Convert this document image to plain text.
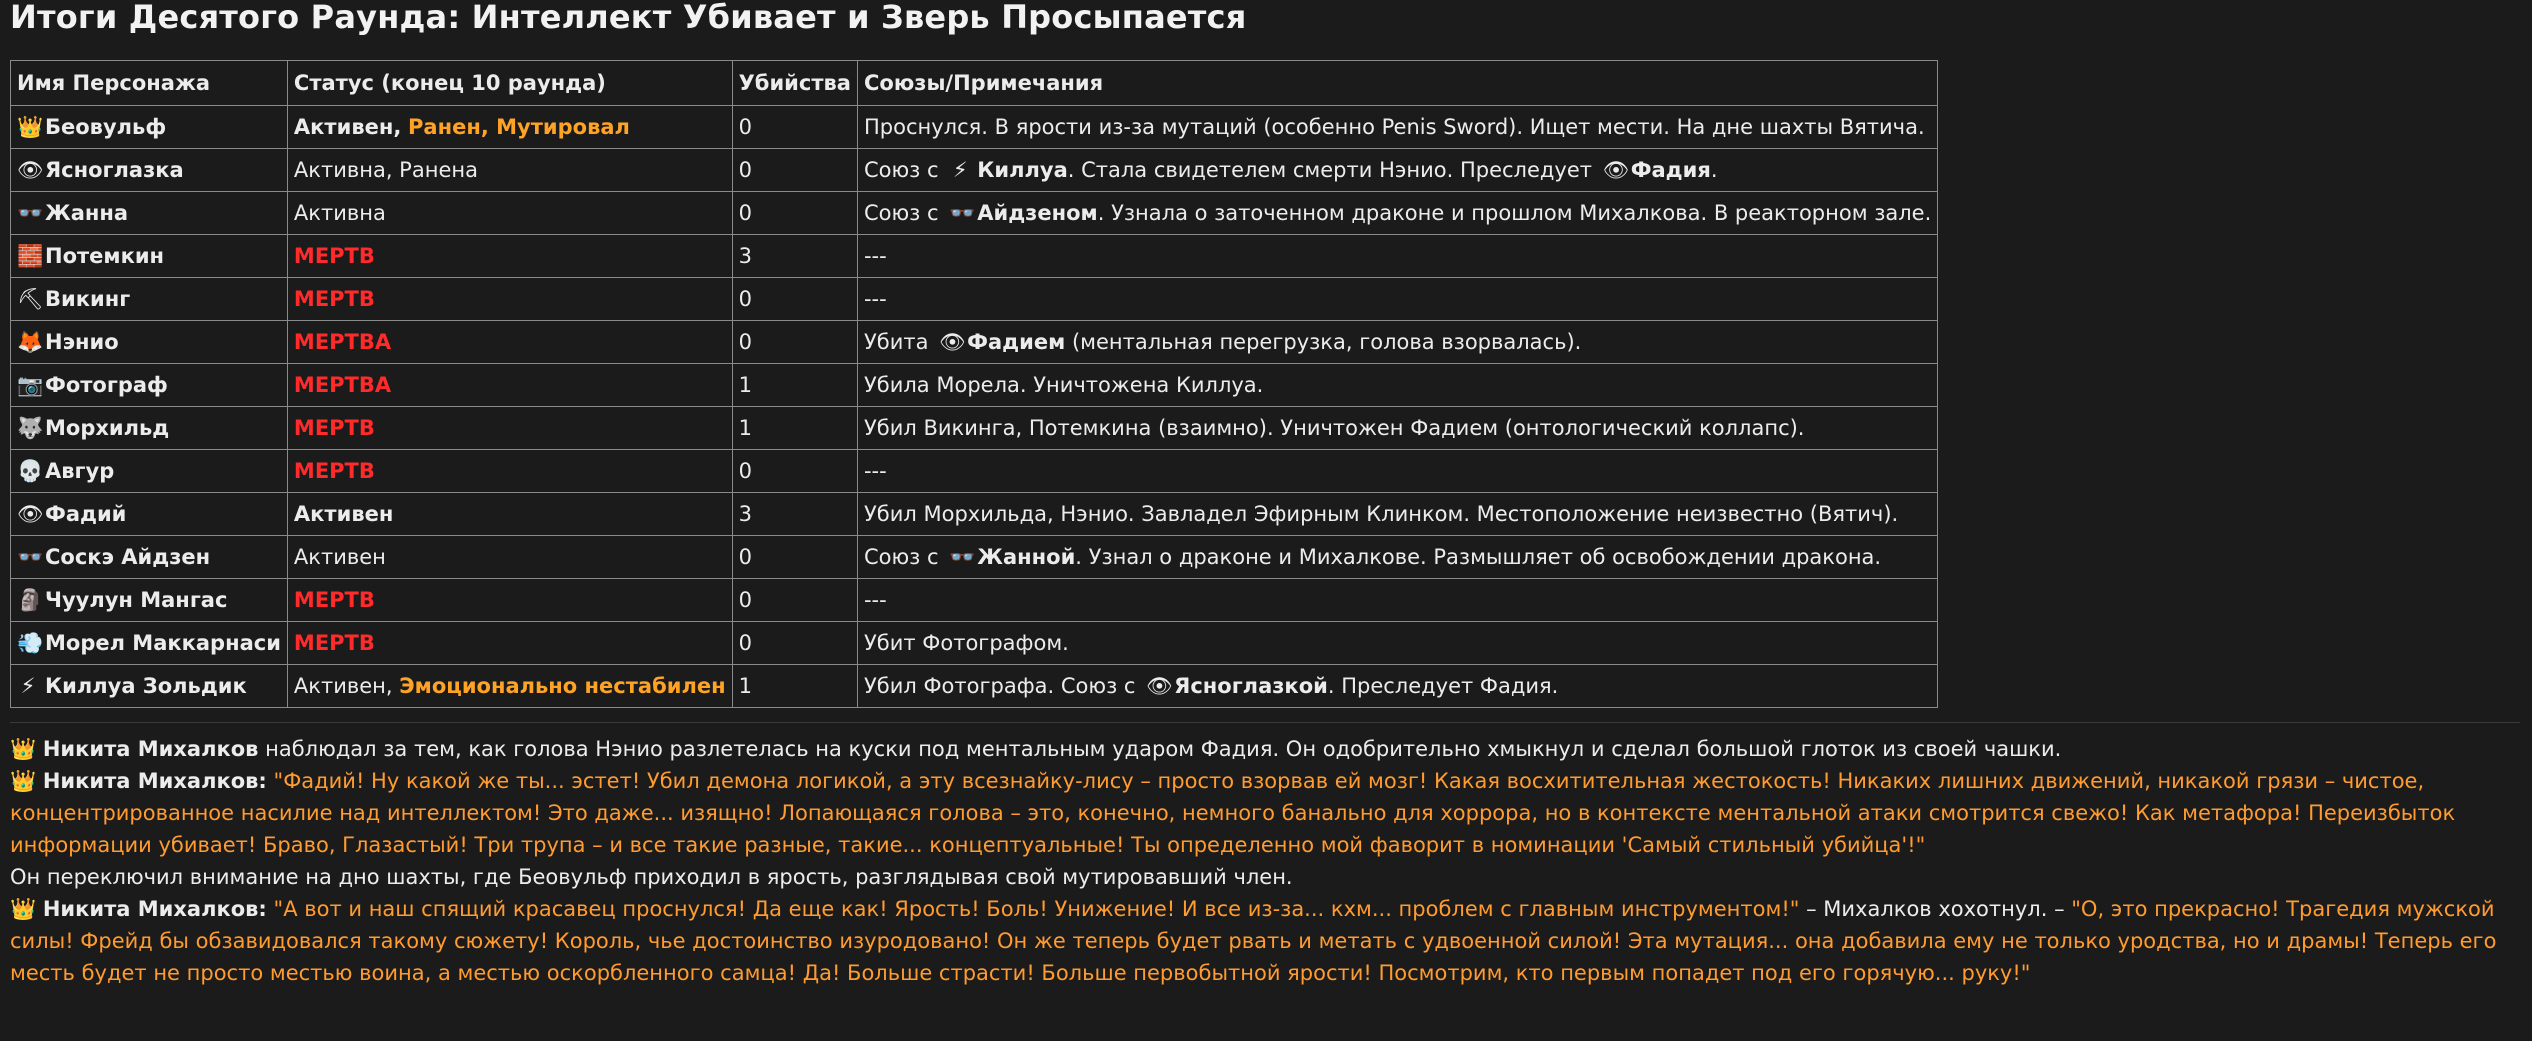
Итоги Десятого Раунда: Интеллект Убивает и Зверь Просыпается
Имя Персонажа	Статус (конец 10 раунда)	Убийства	Союзы/Примечания
👑Беовульф	Активен, Ранен, Мутировал	0	Проснулся. В ярости из-за мутаций (особенно Penis Sword). Ищет мести. На дне шахты Вятича.
👁Ясноглазка	Активна, Ранена	0	Союз с ⚡ Киллуа. Стала свидетелем смерти Нэнио. Преследует 👁Фадия.
👓Жанна	Активна	0	Союз с 👓Айдзеном. Узнала о заточенном драконе и прошлом Михалкова. В реакторном зале.
🧱Потемкин	МЕРТВ	3	---
⛏Викинг	МЕРТВ	0	---
🦊Нэнио	МЕРТВА	0	Убита 👁Фадием (ментальная перегрузка, голова взорвалась).
📷Фотограф	МЕРТВА	1	Убила Морела. Уничтожена Киллуа.
🐺Морхильд	МЕРТВ	1	Убил Викинга, Потемкина (взаимно). Уничтожен Фадием (онтологический коллапс).
💀Авгур	МЕРТВ	0	---
👁Фадий	Активен	3	Убил Морхильда, Нэнио. Завладел Эфирным Клинком. Местоположение неизвестно (Вятич).
👓Соскэ Айдзен	Активен	0	Союз с 👓Жанной. Узнал о драконе и Михалкове. Размышляет об освобождении дракона.
🗿Чуулун Мангас	МЕРТВ	0	---
💨Морел Маккарнаси	МЕРТВ	0	Убит Фотографом.
⚡ Киллуа Зольдик	Активен, Эмоционально нестабилен	1	Убил Фотографа. Союз с 👁Ясноглазкой. Преследует Фадия.

👑 Никита Михалков наблюдал за тем, как голова Нэнио разлетелась на куски под ментальным ударом Фадия. Он одобрительно хмыкнул и сделал большой глоток из своей чашки.

👑 Никита Михалков: "Фадий! Ну какой же ты... эстет! Убил демона логикой, а эту всезнайку-лису – просто взорвав ей мозг! Какая восхитительная жестокость! Никаких лишних движений, никакой грязи – чистое, концентрированное насилие над интеллектом! Это даже... изящно! Лопающаяся голова – это, конечно, немного банально для хоррора, но в контексте ментальной атаки смотрится свежо! Как метафора! Переизбыток информации убивает! Браво, Глазастый! Три трупа – и все такие разные, такие... концептуальные! Ты определенно мой фаворит в номинации 'Самый стильный убийца'!"

Он переключил внимание на дно шахты, где Беовульф приходил в ярость, разглядывая свой мутировавший член.

👑 Никита Михалков: "А вот и наш спящий красавец проснулся! Да еще как! Ярость! Боль! Унижение! И все из-за... кхм... проблем с главным инструментом!" – Михалков хохотнул. – "О, это прекрасно! Трагедия мужской силы! Фрейд бы обзавидовался такому сюжету! Король, чье достоинство изуродовано! Он же теперь будет рвать и метать с удвоенной силой! Эта мутация... она добавила ему не только уродства, но и драмы! Теперь его месть будет не просто местью воина, а местью оскорбленного самца! Да! Больше страсти! Больше первобытной ярости! Посмотрим, кто первым попадет под его горячую... руку!"
